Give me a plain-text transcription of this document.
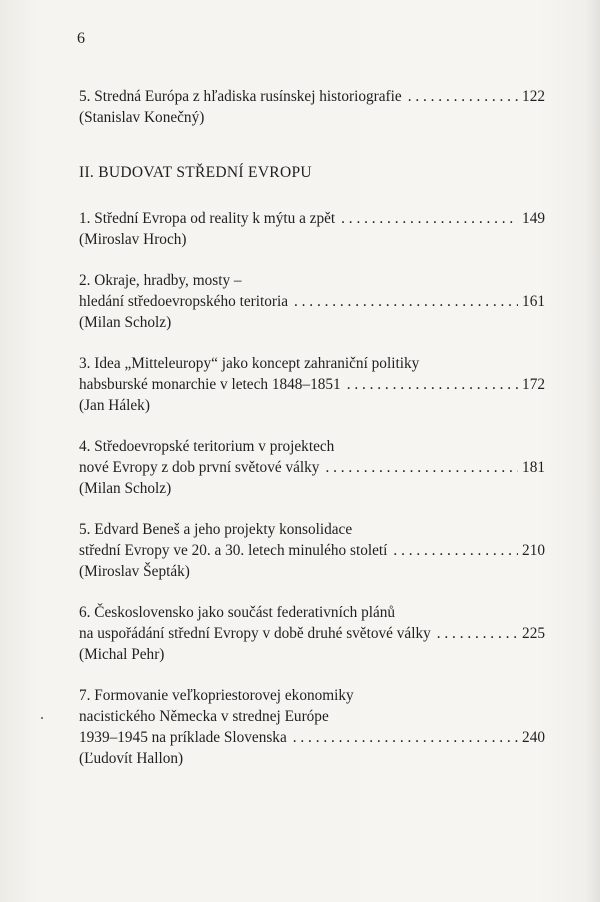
6
5. Stredná Európa z hľadiska rusínskej historiografie . . .	122
(Stanislav Konečný)
II. BUDOVAT STŘEDNÍ EVROPU
1. Střední Evropa od reality k mýtu a zpět . . .	149
(Miroslav Hroch)
2. Okraje, hradby, mosty –
hledání středoevropského teritoria . . .	161
(Milan Scholz)
3. Idea „Mitteleuropy“ jako koncept zahraniční politiky
habsburské monarchie v letech 1848–1851 . . .	172
(Jan Hálek)
4. Středoevropské teritorium v projektech
nové Evropy z dob první světové války . . .	181
(Milan Scholz)
5. Edvard Beneš a jeho projekty konsolidace
střední Evropy ve 20. a 30. letech minulého století . . .	210
(Miroslav Šepták)
6. Československo jako součást federativních plánů
na uspořádání střední Evropy v době druhé světové války . . .	225
(Michal Pehr)
7. Formovanie veľkopriestorovej ekonomiky
nacistického Německa v strednej Európe
1939–1945 na príklade Slovenska . . .	240
(Ľudovít Hallon)
